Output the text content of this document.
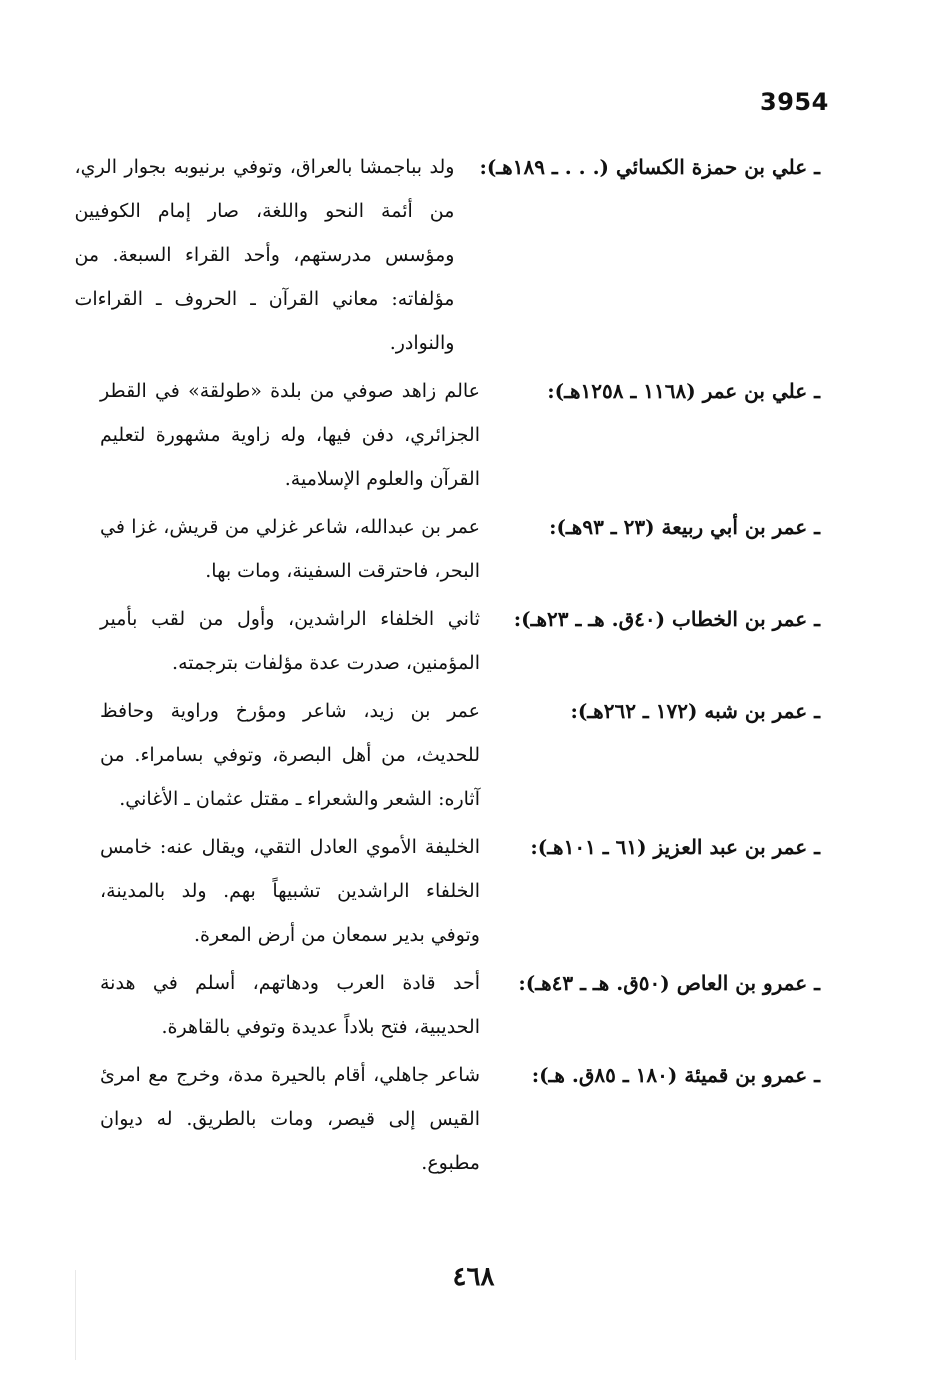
3954
ـ علي بن حمزة الكسائي (. . . ـ ١٨٩هـ):
ولد بباجمشا بالعراق، وتوفي برنيوبه بجوار الري، من أئمة النحو واللغة، صار إمام الكوفيين ومؤسس مدرستهم، وأحد القراء السبعة. من مؤلفاته: معاني القرآن ـ الحروف ـ القراءات والنوادر.
ـ علي بن عمر (١١٦٨ ـ ١٢٥٨هـ):
عالم زاهد صوفي من بلدة «طولقة» في القطر الجزائري، دفن فيها، وله زاوية مشهورة لتعليم القرآن والعلوم الإسلامية.
ـ عمر بن أبي ربيعة (٢٣ ـ ٩٣هـ):
عمر بن عبدالله، شاعر غزلي من قريش، غزا في البحر، فاحترقت السفينة، ومات بها.
ـ عمر بن الخطاب (٤٠ق. هـ ـ ٢٣هـ):
ثاني الخلفاء الراشدين، وأول من لقب بأمير المؤمنين، صدرت عدة مؤلفات بترجمته.
ـ عمر بن شبه (١٧٢ ـ ٢٦٢هـ):
عمر بن زيد، شاعر ومؤرخ وراوية وحافظ للحديث، من أهل البصرة، وتوفي بسامراء. من آثاره: الشعر والشعراء ـ مقتل عثمان ـ الأغاني.
ـ عمر بن عبد العزيز (٦١ ـ ١٠١هـ):
الخليفة الأموي العادل التقي، ويقال عنه: خامس الخلفاء الراشدين تشبيهاً بهم. ولد بالمدينة، وتوفي بدير سمعان من أرض المعرة.
ـ عمرو بن العاص (٥٠ق. هـ ـ ٤٣هـ):
أحد قادة العرب ودهاتهم، أسلم في هدنة الحديبية، فتح بلاداً عديدة وتوفي بالقاهرة.
ـ عمرو بن قميئة (١٨٠ ـ ٨٥ق. هـ):
شاعر جاهلي، أقام بالحيرة مدة، وخرج مع امرئ القيس إلى قيصر، ومات بالطريق. له ديوان مطبوع.
٤٦٨
